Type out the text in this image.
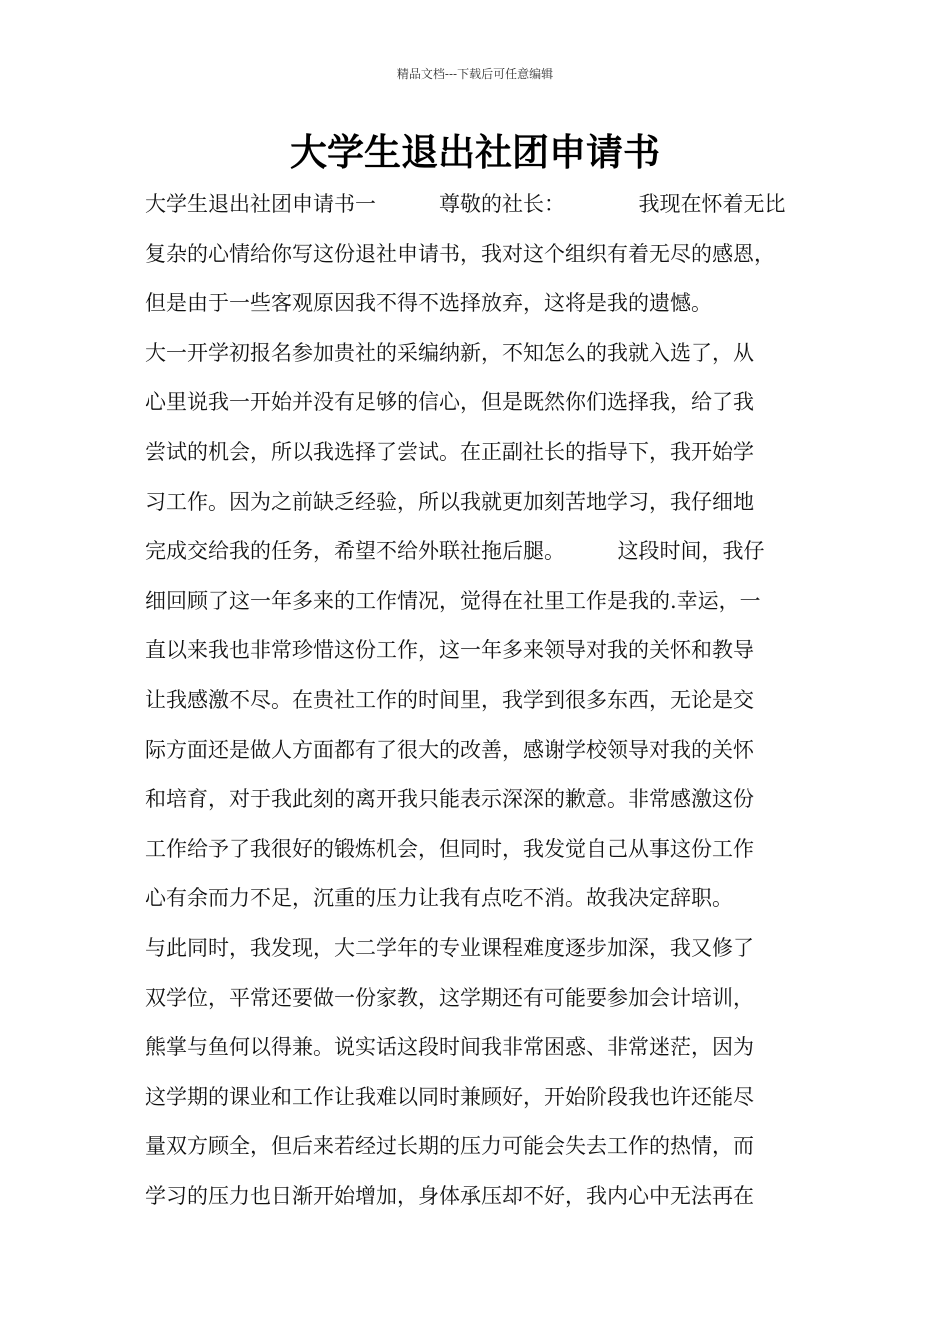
精品文档---下载后可任意编辑
大学生退出社团申请书
大学生退出社团申请书一　　　尊敬的社长：　　　　我现在怀着无比
复杂的心情给你写这份退社申请书，我对这个组织有着无尽的感恩，
但是由于一些客观原因我不得不选择放弃，这将是我的遗憾。
大一开学初报名参加贵社的采编纳新，不知怎么的我就入选了，从
心里说我一开始并没有足够的信心，但是既然你们选择我，给了我
尝试的机会，所以我选择了尝试。在正副社长的指导下，我开始学
习工作。因为之前缺乏经验，所以我就更加刻苦地学习，我仔细地
完成交给我的任务，希望不给外联社拖后腿。　　　这段时间，我仔
细回顾了这一年多来的工作情况，觉得在社里工作是我的.幸运，一
直以来我也非常珍惜这份工作，这一年多来领导对我的关怀和教导
让我感激不尽。在贵社工作的时间里，我学到很多东西，无论是交
际方面还是做人方面都有了很大的改善，感谢学校领导对我的关怀
和培育，对于我此刻的离开我只能表示深深的歉意。非常感激这份
工作给予了我很好的锻炼机会，但同时，我发觉自己从事这份工作
心有余而力不足，沉重的压力让我有点吃不消。故我决定辞职。
与此同时，我发现，大二学年的专业课程难度逐步加深，我又修了
双学位，平常还要做一份家教，这学期还有可能要参加会计培训，
熊掌与鱼何以得兼。说实话这段时间我非常困惑、非常迷茫，因为
这学期的课业和工作让我难以同时兼顾好，开始阶段我也许还能尽
量双方顾全，但后来若经过长期的压力可能会失去工作的热情，而
学习的压力也日渐开始增加，身体承压却不好，我内心中无法再在
